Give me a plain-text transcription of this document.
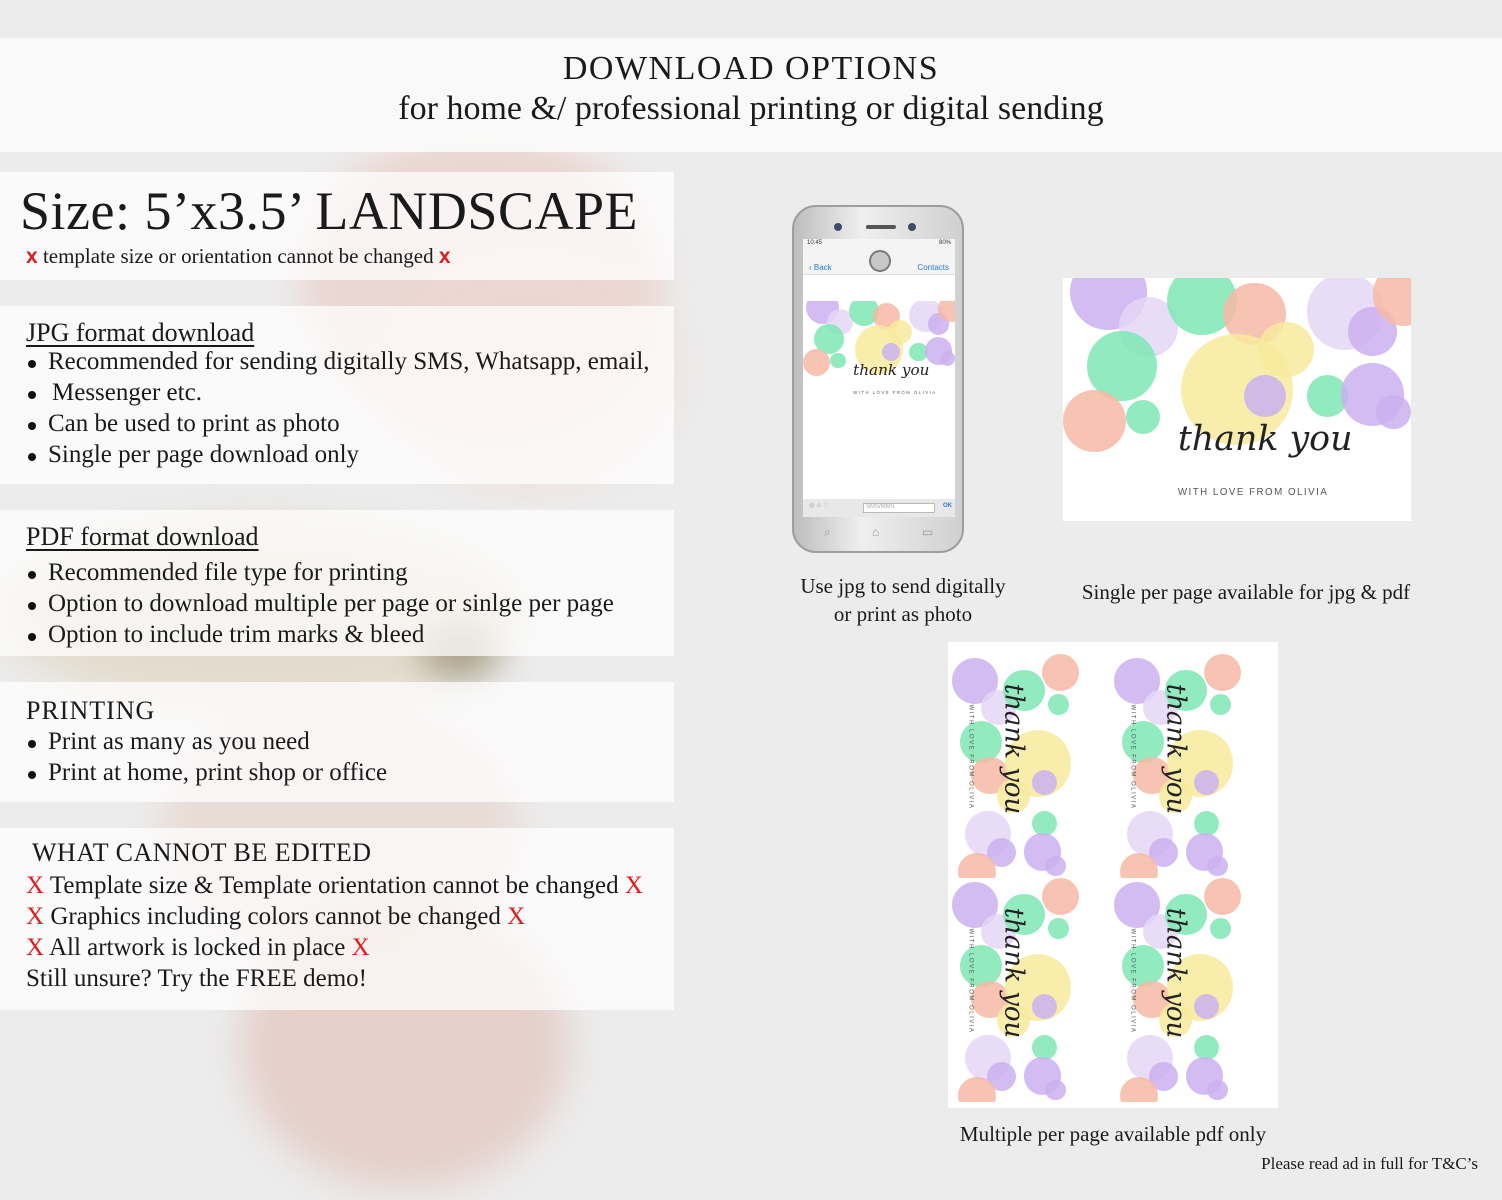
DOWNLOAD OPTIONS
for home &/ professional printing or digital sending
Size: 5’x3.5’ LANDSCAPE
x template size or orientation cannot be changed x
JPG format download
Recommended for sending digitally SMS, Whatsapp, email,
Messenger etc.
Can be used to print as photo
Single per page download only
PDF format download
Recommended file type for printing
Option to download multiple per page or sinlge per page
Option to include trim marks & bleed
PRINTING
Print as many as you need
Print at home, print shop or office
WHAT CANNOT BE EDITED
X Template size & Template orientation cannot be changed X
X Graphics including colors cannot be changed X
X All artwork is locked in place X
Still unsure? Try the FREE demo!
10:45	80%
‹ Back	Contacts
thank you
WITH LOVE FROM OLIVIA
◎ ☺ ♡	SMS/MMS	OK
⌕	⌂	▭
Use jpg to send digitally
or print as photo
thank you
WITH LOVE FROM OLIVIA
Single per page available for jpg & pdf
thank you
WITH LOVE FROM OLIVIA	thank you
WITH LOVE FROM OLIVIA
thank you
WITH LOVE FROM OLIVIA	thank you
WITH LOVE FROM OLIVIA
Multiple per page available pdf only
Please read ad in full for T&C’s
